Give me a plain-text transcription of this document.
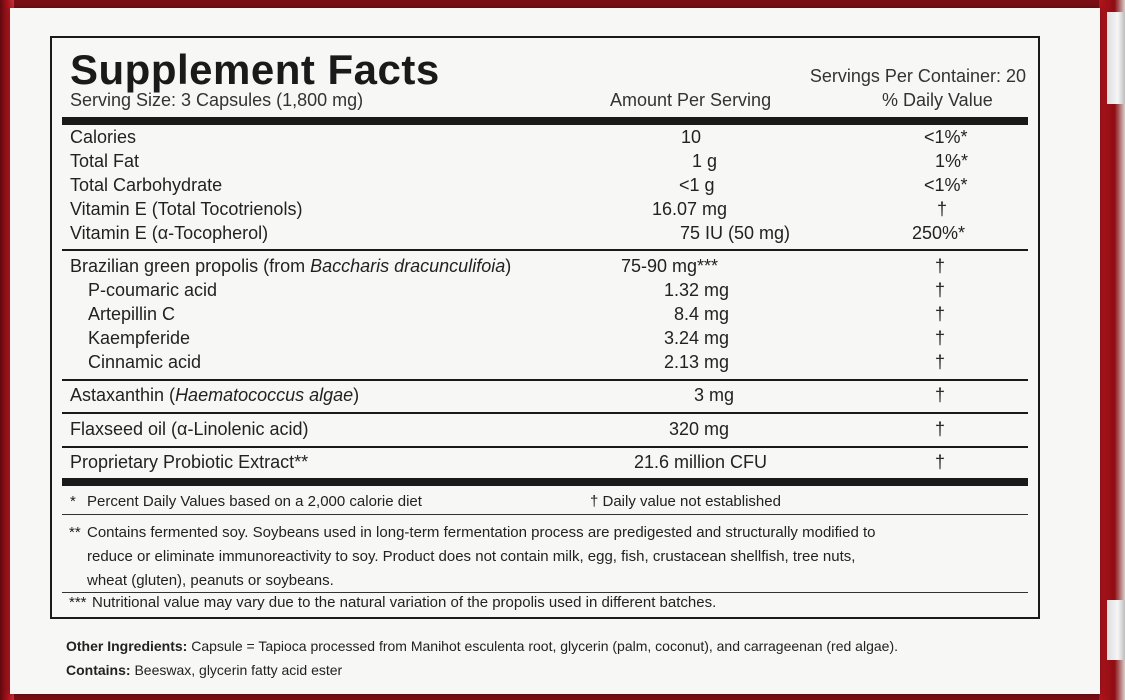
Supplement Facts	Servings Per Container: 20
Serving Size: 3 Capsules (1,800 mg)	Amount Per Serving	% Daily Value
Calories	10	<1%*
Total Fat	1 g	1%*
Total Carbohydrate	<1 g	<1%*
Vitamin E (Total Tocotrienols)	16.07 mg	†
Vitamin E (α-Tocopherol)	75 IU (50 mg)	250%*
Brazilian green propolis (from Baccharis dracunculifoia)	75-90 mg***	†
P-coumaric acid	1.32 mg	†
Artepillin C	8.4 mg	†
Kaempferide	3.24 mg	†
Cinnamic acid	2.13 mg	†
Astaxanthin (Haematococcus algae)	3 mg	†
Flaxseed oil (α-Linolenic acid)	320 mg	†
Proprietary Probiotic Extract**	21.6 million CFU	†
* Percent Daily Values based on a 2,000 calorie diet	† Daily value not established
** Contains fermented soy. Soybeans used in long-term fermentation process are predigested and structurally modified to
reduce or eliminate immunoreactivity to soy. Product does not contain milk, egg, fish, crustacean shellfish, tree nuts,
wheat (gluten), peanuts or soybeans.
*** Nutritional value may vary due to the natural variation of the propolis used in different batches.
Other Ingredients: Capsule = Tapioca processed from Manihot esculenta root, glycerin (palm, coconut), and carrageenan (red algae).
Contains: Beeswax, glycerin fatty acid ester
